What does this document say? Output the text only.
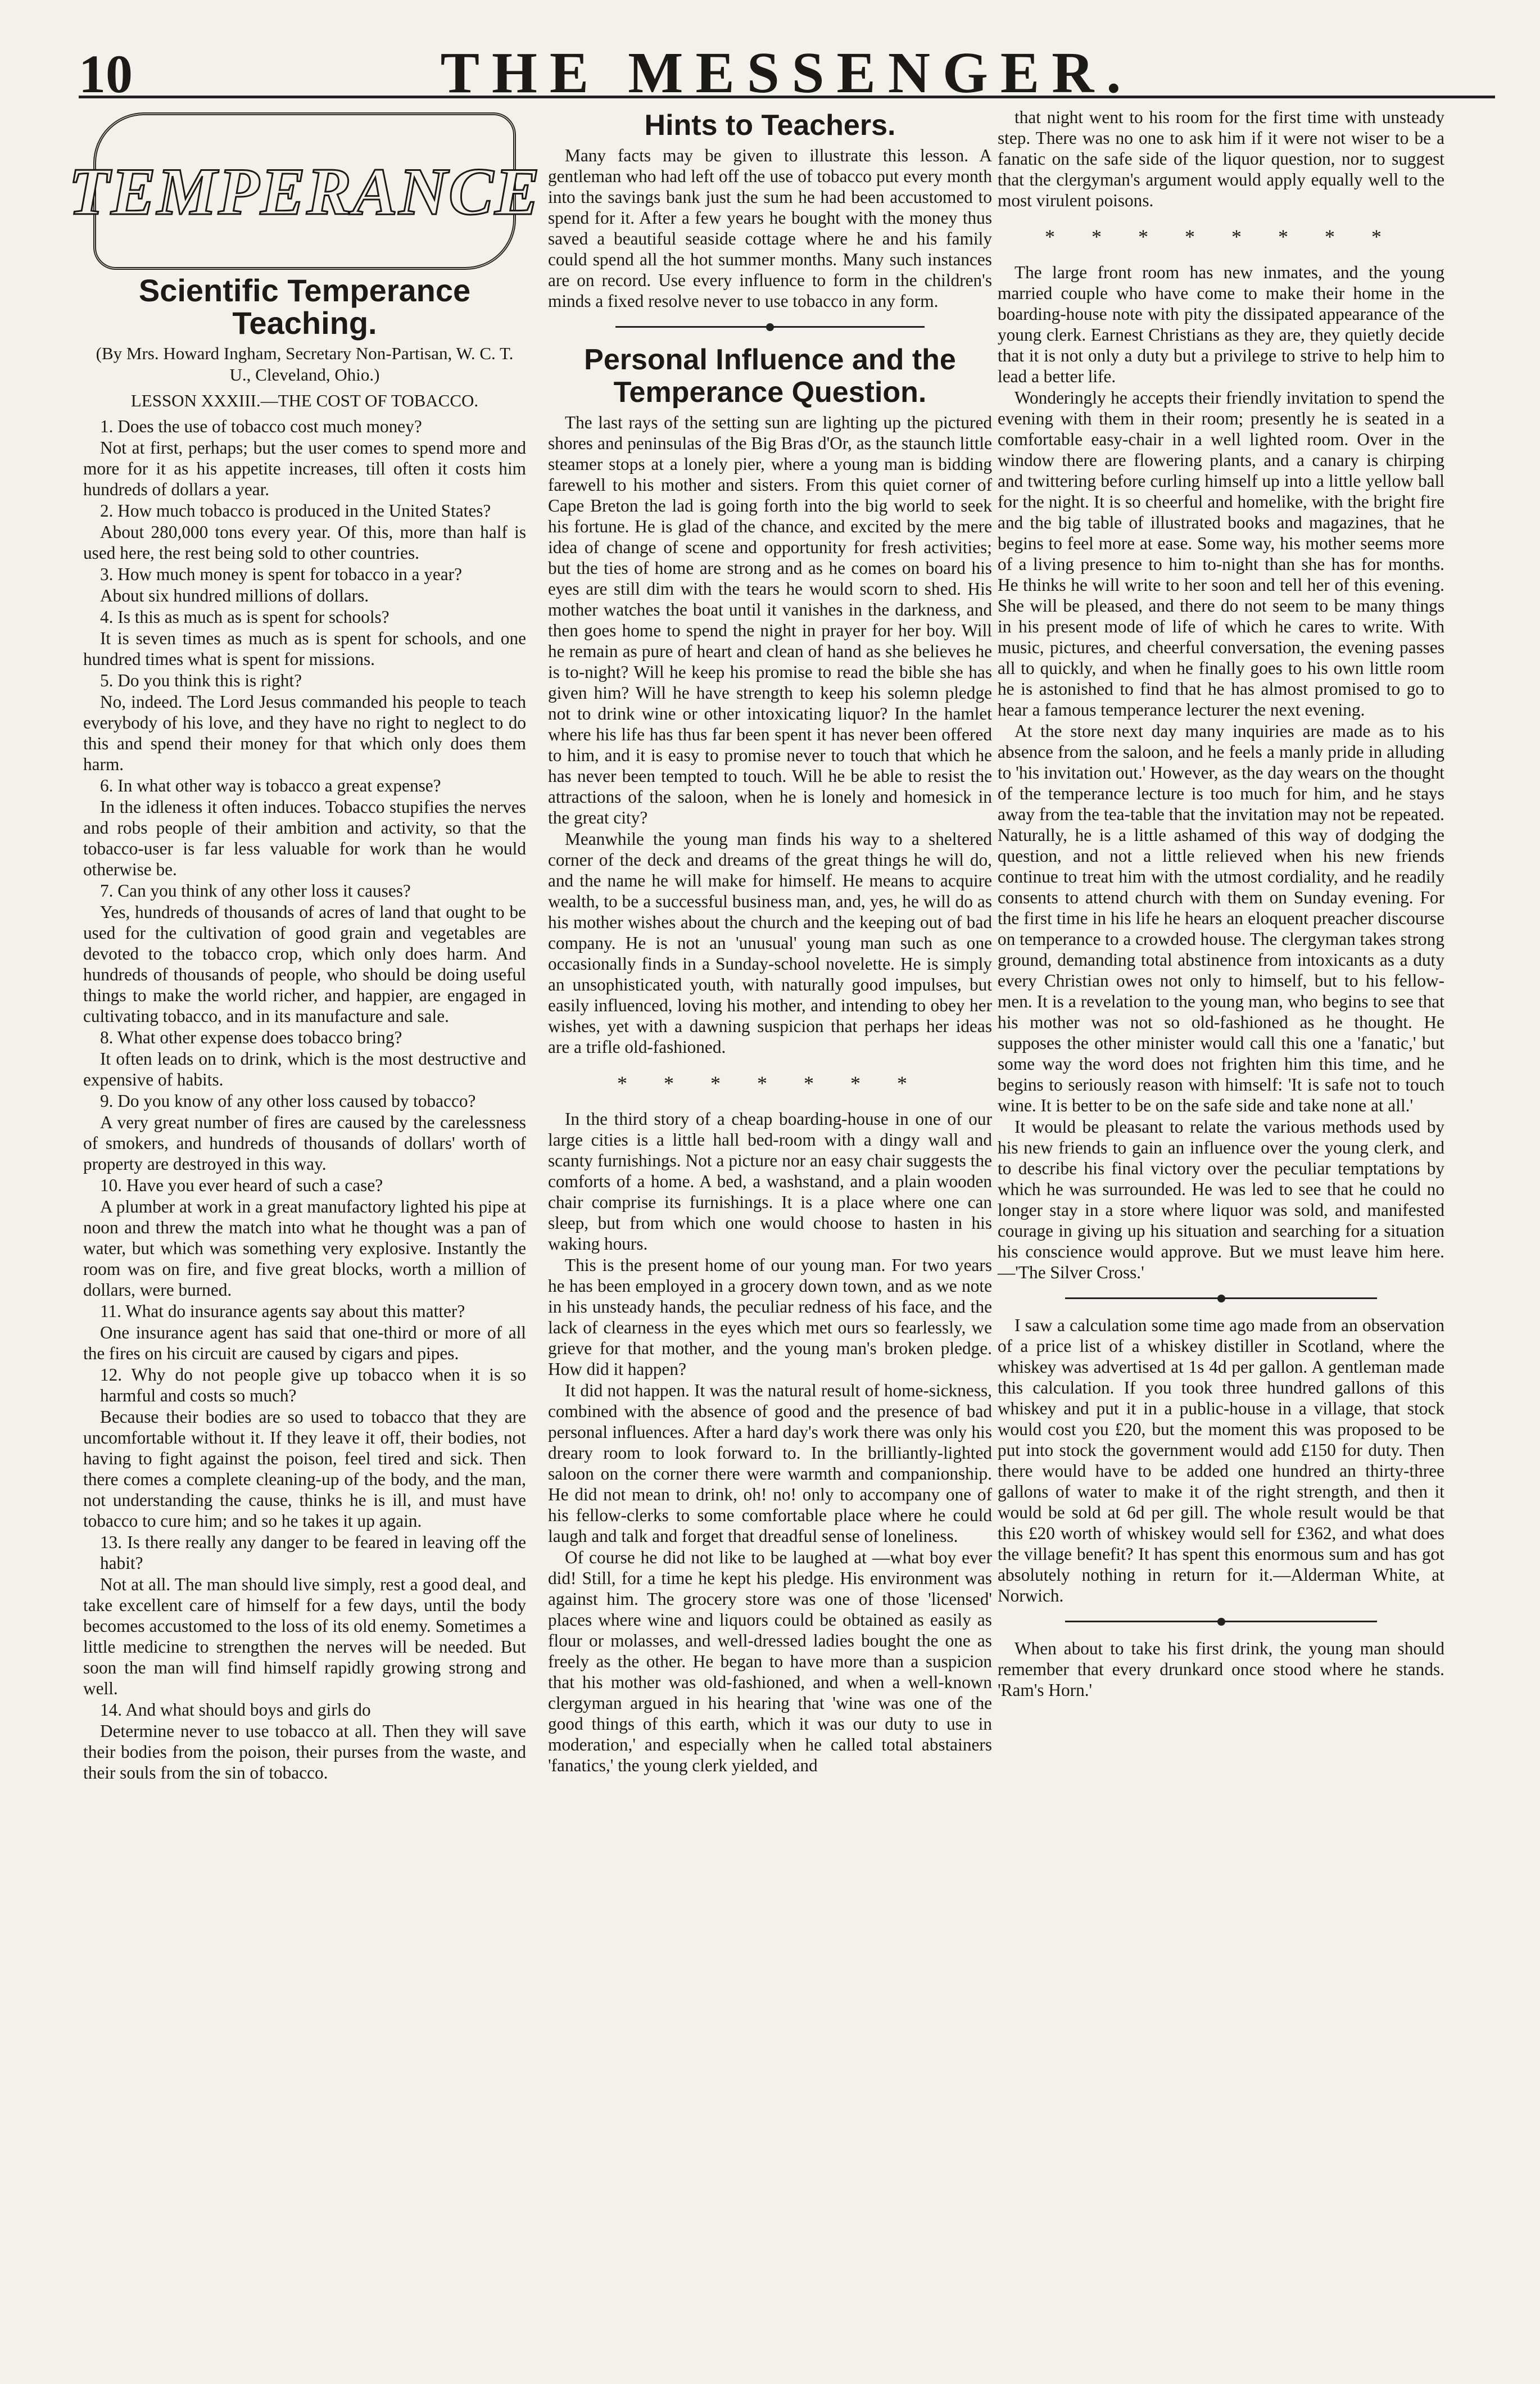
10	THE MESSENGER.
TEMPERANCE
Scientific Temperance Teaching.
(By Mrs. Howard Ingham, Secretary Non-Partisan, W. C. T. U., Cleveland, Ohio.)
LESSON XXXIII.—THE COST OF TOBACCO.

1. Does the use of tobacco cost much money?

Not at first, perhaps; but the user comes to spend more and more for it as his appetite increases, till often it costs him hundreds of dollars a year.

2. How much tobacco is produced in the United States?

About 280,000 tons every year. Of this, more than half is used here, the rest being sold to other countries.

3. How much money is spent for tobacco in a year?

About six hundred millions of dollars.

4. Is this as much as is spent for schools?

It is seven times as much as is spent for schools, and one hundred times what is spent for missions.

5. Do you think this is right?

No, indeed. The Lord Jesus commanded his people to teach everybody of his love, and they have no right to neglect to do this and spend their money for that which only does them harm.

6. In what other way is tobacco a great expense?

In the idleness it often induces. Tobacco stupifies the nerves and robs people of their ambition and activity, so that the tobacco-user is far less valuable for work than he would otherwise be.

7. Can you think of any other loss it causes?

Yes, hundreds of thousands of acres of land that ought to be used for the cultivation of good grain and vegetables are devoted to the tobacco crop, which only does harm. And hundreds of thousands of people, who should be doing useful things to make the world richer, and happier, are engaged in cultivating tobacco, and in its manufacture and sale.

8. What other expense does tobacco bring?

It often leads on to drink, which is the most destructive and expensive of habits.

9. Do you know of any other loss caused by tobacco?

A very great number of fires are caused by the carelessness of smokers, and hundreds of thousands of dollars' worth of property are destroyed in this way.

10. Have you ever heard of such a case?

A plumber at work in a great manufactory lighted his pipe at noon and threw the match into what he thought was a pan of water, but which was something very explosive. Instantly the room was on fire, and five great blocks, worth a million of dollars, were burned.

11. What do insurance agents say about this matter?

One insurance agent has said that one-third or more of all the fires on his circuit are caused by cigars and pipes.

12. Why do not people give up tobacco when it is so harmful and costs so much?

Because their bodies are so used to tobacco that they are uncomfortable without it. If they leave it off, their bodies, not having to fight against the poison, feel tired and sick. Then there comes a complete cleaning-up of the body, and the man, not understanding the cause, thinks he is ill, and must have tobacco to cure him; and so he takes it up again.

13. Is there really any danger to be feared in leaving off the habit?

Not at all. The man should live simply, rest a good deal, and take excellent care of himself for a few days, until the body becomes accustomed to the loss of its old enemy. Sometimes a little medicine to strengthen the nerves will be needed. But soon the man will find himself rapidly growing strong and well.

14. And what should boys and girls do

Determine never to use tobacco at all. Then they will save their bodies from the poison, their purses from the waste, and their souls from the sin of tobacco.

Hints to Teachers.

Many facts may be given to illustrate this lesson. A gentleman who had left off the use of tobacco put every month into the savings bank just the sum he had been accustomed to spend for it. After a few years he bought with the money thus saved a beautiful seaside cottage where he and his family could spend all the hot summer months. Many such instances are on record. Use every influence to form in the children's minds a fixed resolve never to use tobacco in any form.

Personal Influence and the Temperance Question.

The last rays of the setting sun are lighting up the pictured shores and peninsulas of the Big Bras d'Or, as the staunch little steamer stops at a lonely pier, where a young man is bidding farewell to his mother and sisters. From this quiet corner of Cape Breton the lad is going forth into the big world to seek his fortune. He is glad of the chance, and excited by the mere idea of change of scene and opportunity for fresh activities; but the ties of home are strong and as he comes on board his eyes are still dim with the tears he would scorn to shed. His mother watches the boat until it vanishes in the darkness, and then goes home to spend the night in prayer for her boy. Will he remain as pure of heart and clean of hand as she believes he is to-night? Will he keep his promise to read the bible she has given him? Will he have strength to keep his solemn pledge not to drink wine or other intoxicating liquor? In the hamlet where his life has thus far been spent it has never been offered to him, and it is easy to promise never to touch that which he has never been tempted to touch. Will he be able to resist the attractions of the saloon, when he is lonely and homesick in the great city?

Meanwhile the young man finds his way to a sheltered corner of the deck and dreams of the great things he will do, and the name he will make for himself. He means to acquire wealth, to be a successful business man, and, yes, he will do as his mother wishes about the church and the keeping out of bad company. He is not an 'unusual' young man such as one occasionally finds in a Sunday-school novelette. He is simply an unsophisticated youth, with naturally good impulses, but easily influenced, loving his mother, and intending to obey her wishes, yet with a dawning suspicion that perhaps her ideas are a trifle old-fashioned.

* * * * * * *

In the third story of a cheap boarding-house in one of our large cities is a little hall bed-room with a dingy wall and scanty furnishings. Not a picture nor an easy chair suggests the comforts of a home. A bed, a washstand, and a plain wooden chair comprise its furnishings. It is a place where one can sleep, but from which one would choose to hasten in his waking hours.

This is the present home of our young man. For two years he has been employed in a grocery down town, and as we note in his unsteady hands, the peculiar redness of his face, and the lack of clearness in the eyes which met ours so fearlessly, we grieve for that mother, and the young man's broken pledge. How did it happen?

It did not happen. It was the natural result of home-sickness, combined with the absence of good and the presence of bad personal influences. After a hard day's work there was only his dreary room to look forward to. In the brilliantly-lighted saloon on the corner there were warmth and companionship. He did not mean to drink, oh! no! only to accompany one of his fellow-clerks to some comfortable place where he could laugh and talk and forget that dreadful sense of loneliness.

Of course he did not like to be laughed at —what boy ever did! Still, for a time he kept his pledge. His environment was against him. The grocery store was one of those 'licensed' places where wine and liquors could be obtained as easily as flour or molasses, and well-dressed ladies bought the one as freely as the other. He began to have more than a suspicion that his mother was old-fashioned, and when a well-known clergyman argued in his hearing that 'wine was one of the good things of this earth, which it was our duty to use in moderation,' and especially when he called total abstainers 'fanatics,' the young clerk yielded, and

that night went to his room for the first time with unsteady step. There was no one to ask him if it were not wiser to be a fanatic on the safe side of the liquor question, nor to suggest that the clergyman's argument would apply equally well to the most virulent poisons.

* * * * * * * *

The large front room has new inmates, and the young married couple who have come to make their home in the boarding-house note with pity the dissipated appearance of the young clerk. Earnest Christians as they are, they quietly decide that it is not only a duty but a privilege to strive to help him to lead a better life.

Wonderingly he accepts their friendly invitation to spend the evening with them in their room; presently he is seated in a comfortable easy-chair in a well lighted room. Over in the window there are flowering plants, and a canary is chirping and twittering before curling himself up into a little yellow ball for the night. It is so cheerful and homelike, with the bright fire and the big table of illustrated books and magazines, that he begins to feel more at ease. Some way, his mother seems more of a living presence to him to-night than she has for months. He thinks he will write to her soon and tell her of this evening. She will be pleased, and there do not seem to be many things in his present mode of life of which he cares to write. With music, pictures, and cheerful conversation, the evening passes all to quickly, and when he finally goes to his own little room he is astonished to find that he has almost promised to go to hear a famous temperance lecturer the next evening.

At the store next day many inquiries are made as to his absence from the saloon, and he feels a manly pride in alluding to 'his invitation out.' However, as the day wears on the thought of the temperance lecture is too much for him, and he stays away from the tea-table that the invitation may not be repeated. Naturally, he is a little ashamed of this way of dodging the question, and not a little relieved when his new friends continue to treat him with the utmost cordiality, and he readily consents to attend church with them on Sunday evening. For the first time in his life he hears an eloquent preacher discourse on temperance to a crowded house. The clergyman takes strong ground, demanding total abstinence from intoxicants as a duty every Christian owes not only to himself, but to his fellow-men. It is a revelation to the young man, who begins to see that his mother was not so old-fashioned as he thought. He supposes the other minister would call this one a 'fanatic,' but some way the word does not frighten him this time, and he begins to seriously reason with himself: 'It is safe not to touch wine. It is better to be on the safe side and take none at all.'

It would be pleasant to relate the various methods used by his new friends to gain an influence over the young clerk, and to describe his final victory over the peculiar temptations by which he was surrounded. He was led to see that he could no longer stay in a store where liquor was sold, and manifested courage in giving up his situation and searching for a situation his conscience would approve. But we must leave him here.—'The Silver Cross.'

I saw a calculation some time ago made from an observation of a price list of a whiskey distiller in Scotland, where the whiskey was advertised at 1s 4d per gallon. A gentleman made this calculation. If you took three hundred gallons of this whiskey and put it in a public-house in a village, that stock would cost you £20, but the moment this was proposed to be put into stock the government would add £150 for duty. Then there would have to be added one hundred an thirty-three gallons of water to make it of the right strength, and then it would be sold at 6d per gill. The whole result would be that this £20 worth of whiskey would sell for £362, and what does the village benefit? It has spent this enormous sum and has got absolutely nothing in return for it.—Alderman White, at Norwich.

When about to take his first drink, the young man should remember that every drunkard once stood where he stands. 'Ram's Horn.'
